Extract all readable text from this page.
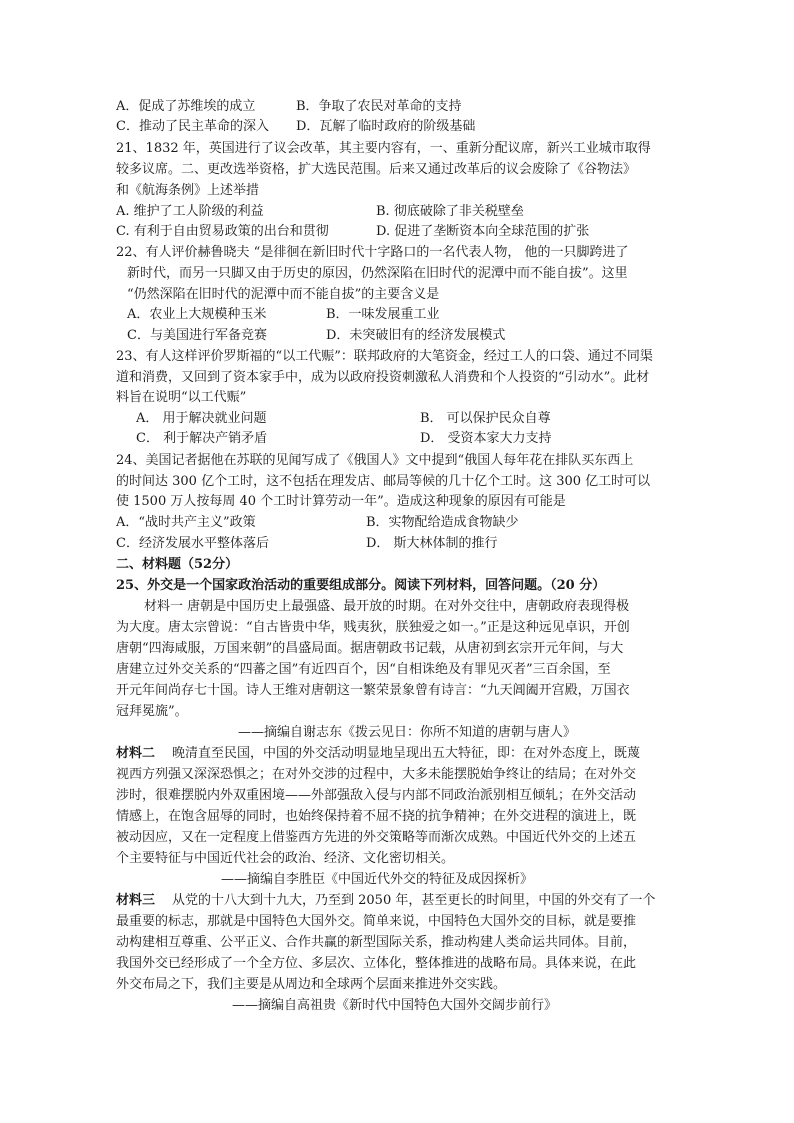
A．促成了苏维埃的成立	B．争取了农民对革命的支持
C．推动了民主革命的深入 D．瓦解了临时政府的阶级基础
21、1832 年，英国进行了议会改革，其主要内容有，一、重新分配议席，新兴工业城市取得
较多议席。二、更改选举资格，扩大选民范围。后来又通过改革后的议会废除了《谷物法》
和《航海条例》上述举措
A. 维护了工人阶级的利益	B. 彻底破除了非关税壁垒
C. 有利于自由贸易政策的出台和贯彻	D. 促进了垄断资本向全球范围的扩张
22、有人评价赫鲁晓夫 “是徘徊在新旧时代十字路口的一名代表人物， 他的一只脚跨进了
新时代，而另一只脚又由于历史的原因，仍然深陷在旧时代的泥潭中而不能自拔”。这里
“仍然深陷在旧时代的泥潭中而不能自拔”的主要含义是
A．农业上大规模种玉米	B．一味发展重工业
C．与美国进行军备竞赛	D．未突破旧有的经济发展模式
23、有人这样评价罗斯福的“以工代赈”：联邦政府的大笔资金，经过工人的口袋、通过不同渠
道和消费，又回到了资本家手中，成为以政府投资刺激私人消费和个人投资的“引动水”。此材
料旨在说明“以工代赈”
A． 用于解决就业问题	B． 可以保护民众自尊
C． 利于解决产销矛盾	D． 受资本家大力支持
24、美国记者据他在苏联的见闻写成了《俄国人》文中提到“俄国人每年花在排队买东西上
的时间达 300 亿个工时，这不包括在理发店、邮局等候的几十亿个工时。这 300 亿工时可以
使 1500 万人按每周 40 个工时计算劳动一年”。造成这种现象的原因有可能是
A．“战时共产主义”政策	B．实物配给造成食物缺少
C．经济发展水平整体落后	D． 斯大林体制的推行
二、材料题（52分）
25、外交是一个国家政治活动的重要组成部分。阅读下列材料，回答问题。（20 分）
材料一 唐朝是中国历史上最强盛、最开放的时期。在对外交往中，唐朝政府表现得极
为大度。唐太宗曾说：“自古皆贵中华，贱夷狄，朕独爱之如一。”正是这种远见卓识，开创
唐朝“四海咸服，万国来朝”的昌盛局面。据唐朝政书记载，从唐初到玄宗开元年间，与大
唐建立过外交关系的“四蕃之国”有近四百个，因“自相诛绝及有罪见灭者”三百余国，至
开元年间尚存七十国。诗人王维对唐朝这一繁荣景象曾有诗言：“九天阊阖开宫殿，万国衣
冠拜冕旒”。
——摘编自谢志东《拨云见日：你所不知道的唐朝与唐人》
材料二 晚清直至民国，中国的外交活动明显地呈现出五大特征，即：在对外态度上，既蔑
视西方列强又深深恐惧之；在对外交涉的过程中，大多未能摆脱始争终让的结局；在对外交
涉时，很难摆脱内外双重困境——外部强敌入侵与内部不同政治派别相互倾轧；在外交活动
情感上，在饱含屈辱的同时，也始终保持着不屈不挠的抗争精神；在外交进程的演进上，既
被动因应，又在一定程度上借鉴西方先进的外交策略等而渐次成熟。中国近代外交的上述五
个主要特征与中国近代社会的政治、经济、文化密切相关。
——摘编自李胜臣《中国近代外交的特征及成因探析》
材料三 从党的十八大到十九大，乃至到 2050 年，甚至更长的时间里，中国的外交有了一个
最重要的标志，那就是中国特色大国外交。简单来说，中国特色大国外交的目标，就是要推
动构建相互尊重、公平正义、合作共赢的新型国际关系，推动构建人类命运共同体。目前，
我国外交已经形成了一个全方位、多层次、立体化，整体推进的战略布局。具体来说，在此
外交布局之下，我们主要是从周边和全球两个层面来推进外交实践。
——摘编自高祖贵《新时代中国特色大国外交阔步前行》
